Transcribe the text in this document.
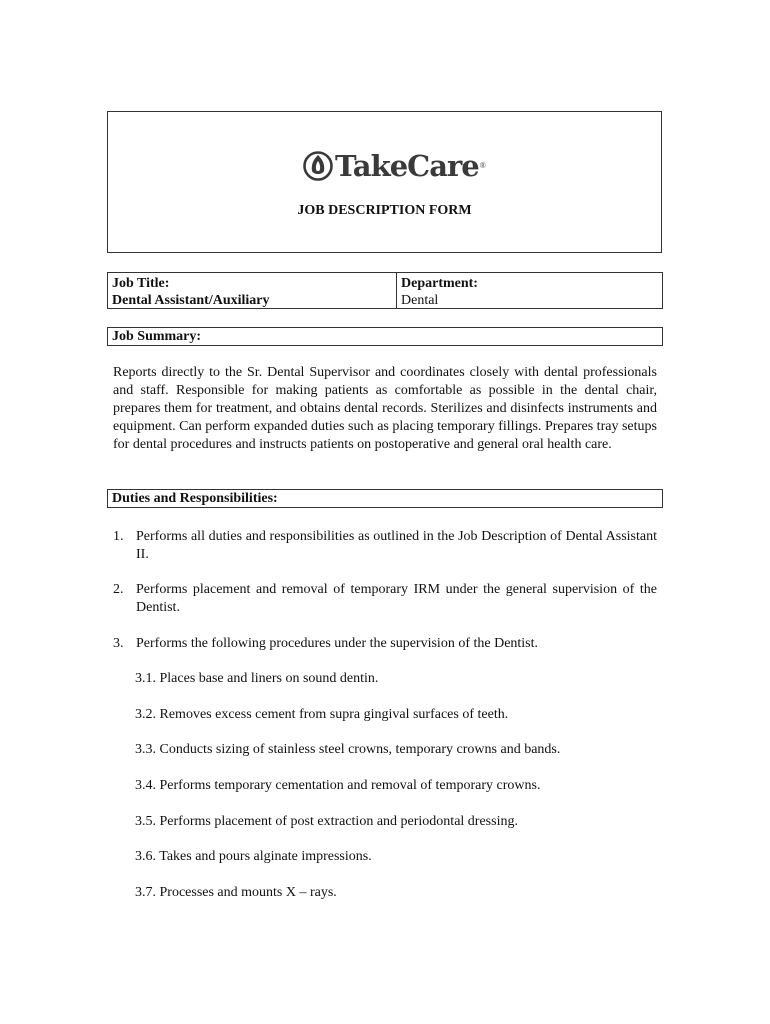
TakeCare ®
JOB DESCRIPTION FORM
Job Title:
Dental Assistant/Auxiliary
Department:
Dental
Job Summary:
Reports directly to the Sr. Dental Supervisor and coordinates closely with dental professionals and staff. Responsible for making patients as comfortable as possible in the dental chair, prepares them for treatment, and obtains dental records. Sterilizes and disinfects instruments and equipment. Can perform expanded duties such as placing temporary fillings. Prepares tray setups for dental procedures and instructs patients on postoperative and general oral health care.
Duties and Responsibilities:
1. Performs all duties and responsibilities as outlined in the Job Description of Dental Assistant II.
2. Performs placement and removal of temporary IRM under the general supervision of the Dentist.
3. Performs the following procedures under the supervision of the Dentist.
3.1. Places base and liners on sound dentin.
3.2. Removes excess cement from supra gingival surfaces of teeth.
3.3. Conducts sizing of stainless steel crowns, temporary crowns and bands.
3.4. Performs temporary cementation and removal of temporary crowns.
3.5. Performs placement of post extraction and periodontal dressing.
3.6. Takes and pours alginate impressions.
3.7. Processes and mounts X – rays.
